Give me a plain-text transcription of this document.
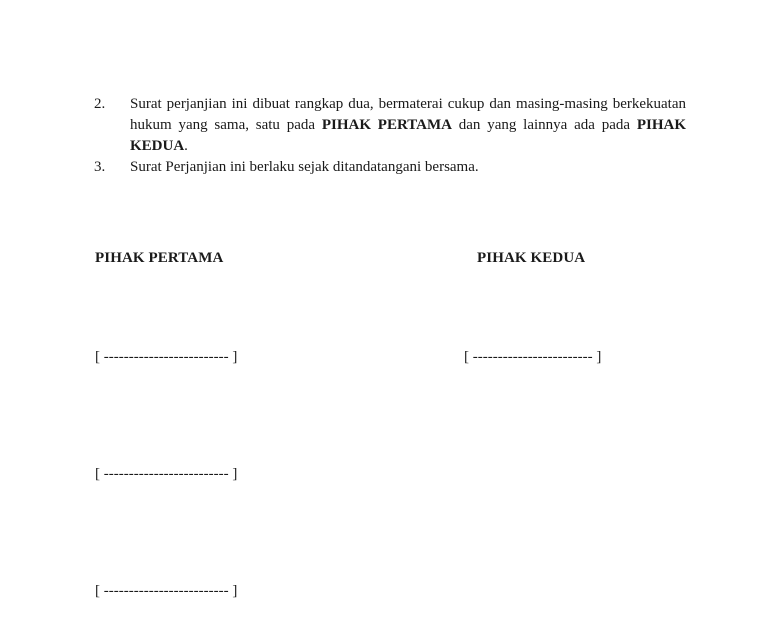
2.	Surat perjanjian ini dibuat rangkap dua, bermaterai cukup dan masing-masing berkekuatan hukum yang sama, satu pada PIHAK PERTAMA dan yang lainnya ada pada PIHAK KEDUA.
3.	Surat Perjanjian ini berlaku sejak ditandatangani bersama.
PIHAK PERTAMA	PIHAK KEDUA
[ ------------------------- ]	[ ------------------------ ]
[ ------------------------- ]
[ ------------------------- ]
